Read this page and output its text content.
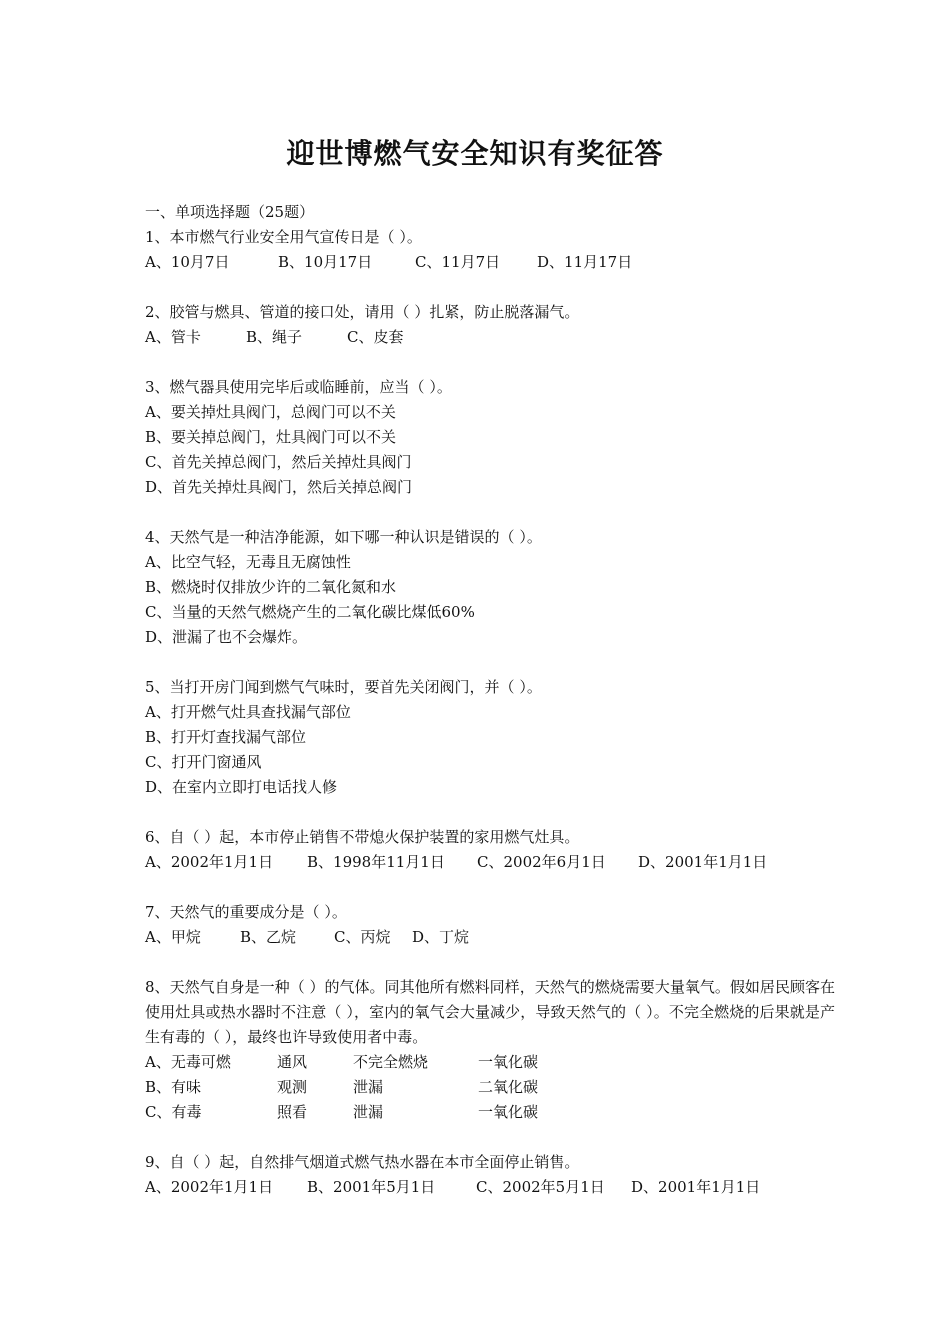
迎世博燃气安全知识有奖征答
一、单项选择题（25题）
1、本市燃气行业安全用气宣传日是（ ）。
A、10月7日	B、10月17日	C、11月7日 D、11月17日
2、胶管与燃具、管道的接口处，请用（ ）扎紧，防止脱落漏气。
A、管卡	B、绳子	C、皮套
3、燃气器具使用完毕后或临睡前，应当（ ）。
A、要关掉灶具阀门，总阀门可以不关
B、要关掉总阀门，灶具阀门可以不关
C、首先关掉总阀门，然后关掉灶具阀门
D、首先关掉灶具阀门，然后关掉总阀门
4、天然气是一种洁净能源，如下哪一种认识是错误的（ ）。
A、比空气轻，无毒且无腐蚀性
B、燃烧时仅排放少许的二氧化氮和水
C、当量的天然气燃烧产生的二氧化碳比煤低60%
D、泄漏了也不会爆炸。
5、当打开房门闻到燃气气味时，要首先关闭阀门，并（ ）。
A、打开燃气灶具查找漏气部位
B、打开灯查找漏气部位
C、打开门窗通风
D、在室内立即打电话找人修
6、自（ ）起，本市停止销售不带熄火保护装置的家用燃气灶具。
A、2002年1月1日 B、1998年11月1日 C、2002年6月1日 D、2001年1月1日
7、天然气的重要成分是（ ）。
A、甲烷	B、乙烷	C、丙烷 D、丁烷
8、天然气自身是一种（ ）的气体。同其他所有燃料同样，天然气的燃烧需要大量氧气。假如居民顾客在使用灶具或热水器时不注意（ ），室内的氧气会大量减少，导致天然气的（ ）。不完全燃烧的后果就是产生有毒的（ ），最终也许导致使用者中毒。
A、无毒可燃	通风	不完全燃烧	一氧化碳
B、有味	观测	泄漏	二氧化碳
C、有毒	照看	泄漏	一氧化碳
9、自（ ）起，自然排气烟道式燃气热水器在本市全面停止销售。
A、2002年1月1日 B、2001年5月1日	C、2002年5月1日 D、2001年1月1日
